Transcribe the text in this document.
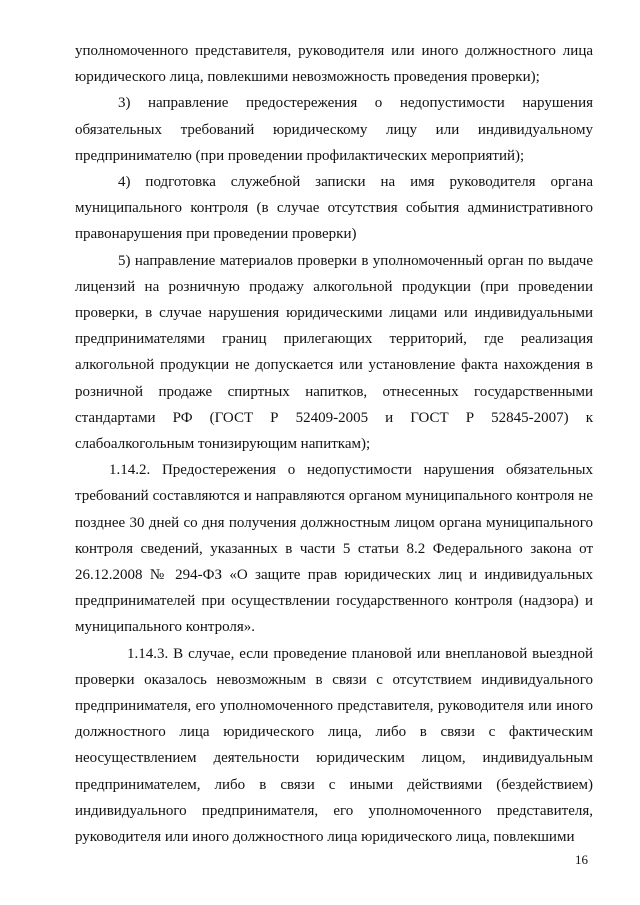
уполномоченного представителя, руководителя или иного должностного лица юридического лица, повлекшими невозможность проведения проверки);

3) направление предостережения о недопустимости нарушения обязательных требований юридическому лицу или индивидуальному предпринимателю (при проведении профилактических мероприятий);

4) подготовка служебной записки на имя руководителя органа муниципального контроля (в случае отсутствия события административного правонарушения при проведении проверки)

5) направление материалов проверки в уполномоченный орган по выдаче лицензий на розничную продажу алкогольной продукции (при проведении проверки, в случае нарушения юридическими лицами или индивидуальными предпринимателями границ прилегающих территорий, где реализация алкогольной продукции не допускается или установление факта нахождения в розничной продаже спиртных напитков, отнесенных государственными стандартами РФ (ГОСТ Р 52409-2005 и ГОСТ Р 52845-2007) к слабоалкогольным тонизирующим напиткам);

1.14.2. Предостережения о недопустимости нарушения обязательных требований составляются и направляются органом муниципального контроля не позднее 30 дней со дня получения должностным лицом органа муниципального контроля сведений, указанных в части 5 статьи 8.2 Федерального закона от 26.12.2008 № 294-ФЗ «О защите прав юридических лиц и индивидуальных предпринимателей при осуществлении государственного контроля (надзора) и муниципального контроля».

1.14.3. В случае, если проведение плановой или внеплановой выездной проверки оказалось невозможным в связи с отсутствием индивидуального предпринимателя, его уполномоченного представителя, руководителя или иного должностного лица юридического лица, либо в связи с фактическим неосуществлением деятельности юридическим лицом, индивидуальным предпринимателем, либо в связи с иными действиями (бездействием) индивидуального предпринимателя, его уполномоченного представителя, руководителя или иного должностного лица юридического лица, повлекшими

16
